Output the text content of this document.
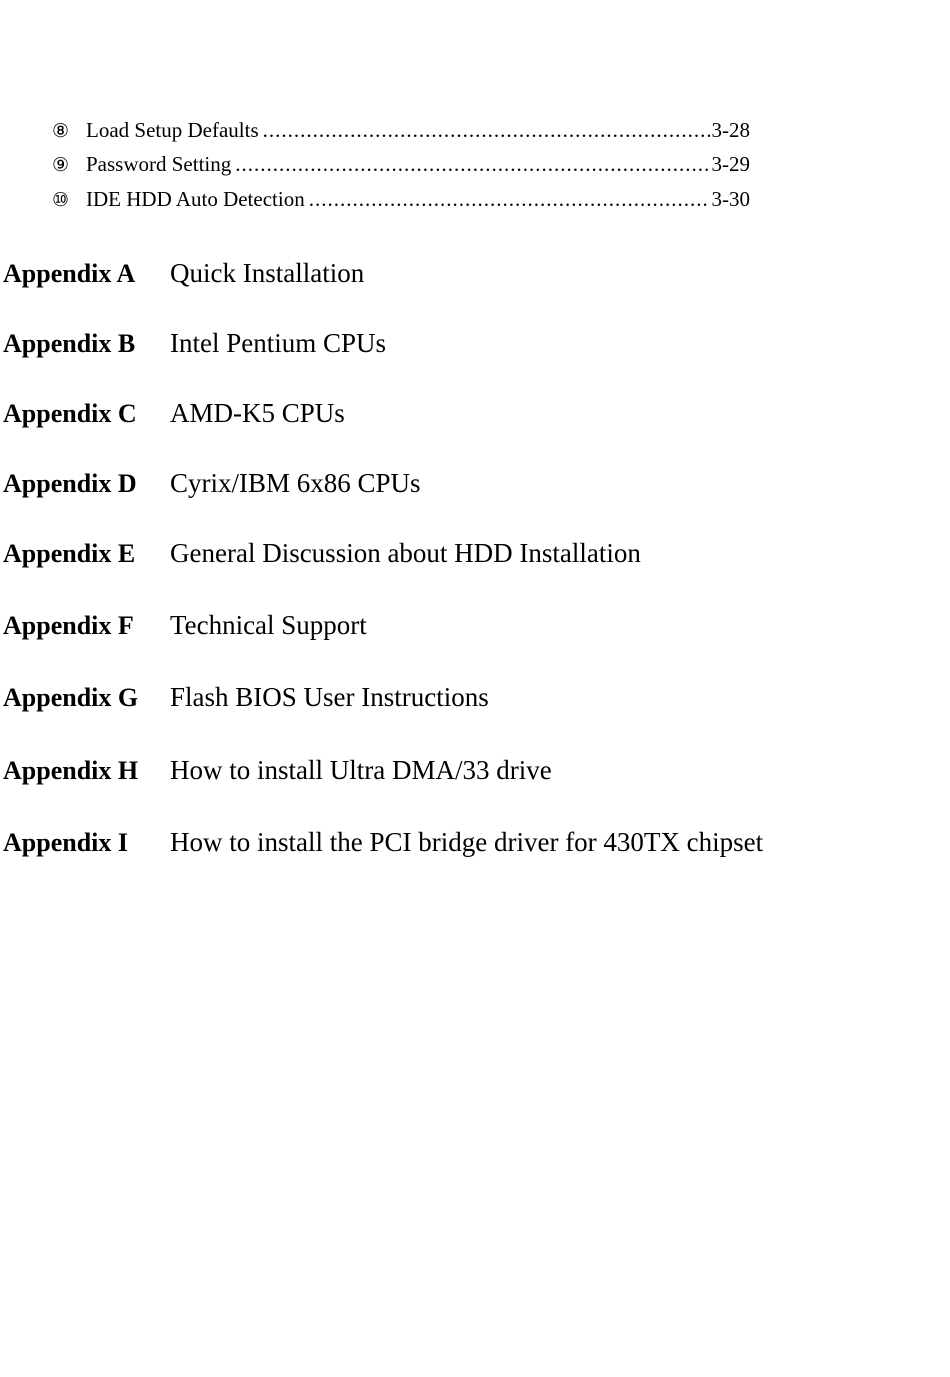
⑧ Load Setup Defaults .....	3-28
⑨ Password Setting .....	3-29
⑩ IDE HDD Auto Detection .....	3-30
Appendix A	Quick Installation
Appendix B	Intel Pentium CPUs
Appendix C	AMD-K5 CPUs
Appendix D	Cyrix/IBM 6x86 CPUs
Appendix E	General Discussion about HDD Installation
Appendix F	Technical Support
Appendix G	Flash BIOS User Instructions
Appendix H	How to install Ultra DMA/33 drive
Appendix I	How to install the PCI bridge driver for 430TX chipset
